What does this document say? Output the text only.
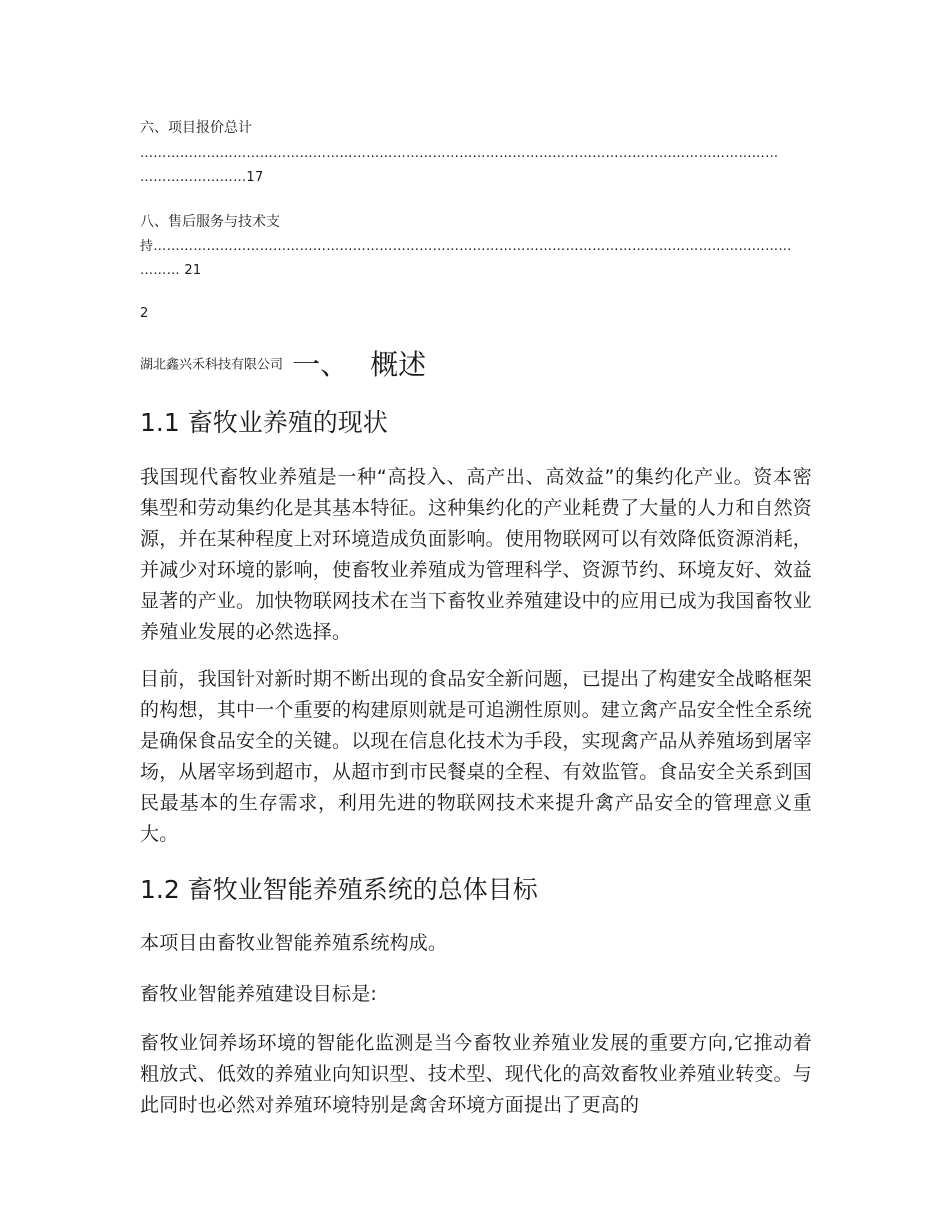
六、项目报价总计
………………………………………………………………………………………………………………………………
……………………17
八、售后服务与技术支
持………………………………………………………………………………………………………………………………
……… 21
2
湖北鑫兴禾科技有限公司 一、 概述
1.1 畜牧业养殖的现状
我国现代畜牧业养殖是一种“高投入、高产出、高效益”的集约化产业。资本密集型和劳动集约化是其基本特征。这种集约化的产业耗费了大量的人力和自然资源，并在某种程度上对环境造成负面影响。使用物联网可以有效降低资源消耗，并减少对环境的影响，使畜牧业养殖成为管理科学、资源节约、环境友好、效益显著的产业。加快物联网技术在当下畜牧业养殖建设中的应用已成为我国畜牧业养殖业发展的必然选择。
目前，我国针对新时期不断出现的食品安全新问题，已提出了构建安全战略框架的构想，其中一个重要的构建原则就是可追溯性原则。建立禽产品安全性全系统是确保食品安全的关键。以现在信息化技术为手段，实现禽产品从养殖场到屠宰场，从屠宰场到超市，从超市到市民餐桌的全程、有效监管。食品安全关系到国民最基本的生存需求，利用先进的物联网技术来提升禽产品安全的管理意义重大。
1.2 畜牧业智能养殖系统的总体目标
本项目由畜牧业智能养殖系统构成。
畜牧业智能养殖建设目标是:
畜牧业饲养场环境的智能化监测是当今畜牧业养殖业发展的重要方向,它推动着粗放式、低效的养殖业向知识型、技术型、现代化的高效畜牧业养殖业转变。与此同时也必然对养殖环境特别是禽舍环境方面提出了更高的
